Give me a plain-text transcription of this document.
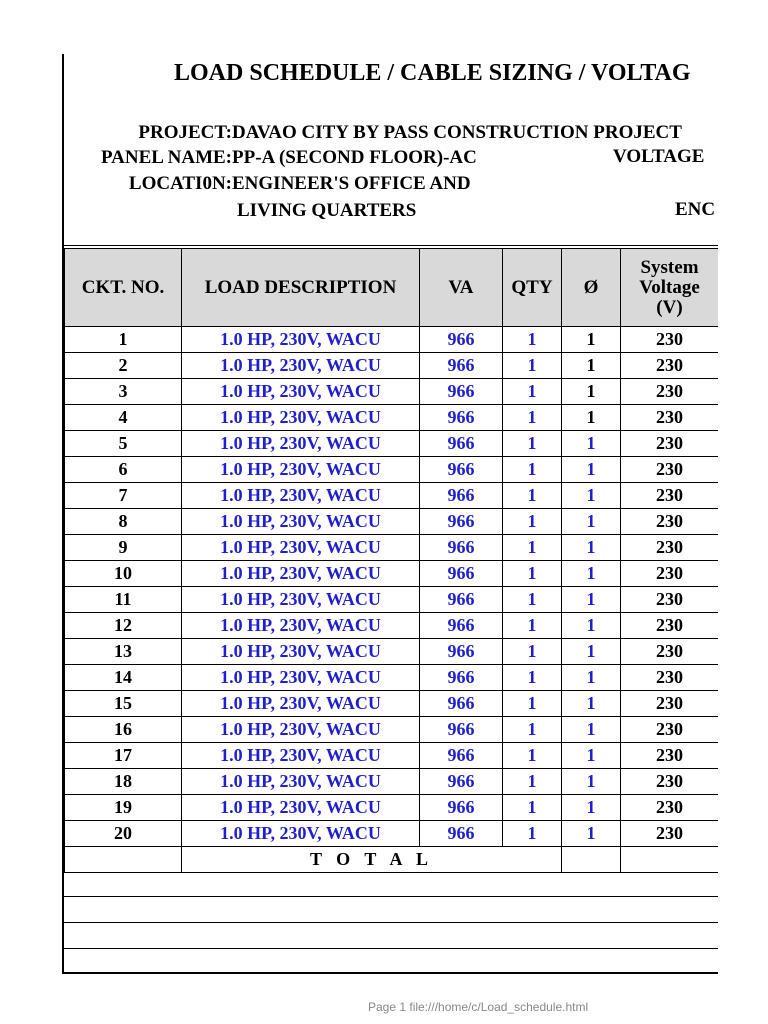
LOAD SCHEDULE / CABLE SIZING / VOLTAG
PROJECT:DAVAO CITY BY PASS CONSTRUCTION PROJECT
PANEL NAME:PP-A (SECOND FLOOR)-AC	VOLTAGE
LOCATI0N:ENGINEER'S OFFICE AND
LIVING QUARTERS	ENC
CKT. NO.	LOAD DESCRIPTION	VA	QTY	Ø	System
Voltage
(V)

1	1.0 HP, 230V, WACU	966	1	1	230
2	1.0 HP, 230V, WACU	966	1	1	230
3	1.0 HP, 230V, WACU	966	1	1	230
4	1.0 HP, 230V, WACU	966	1	1	230
5	1.0 HP, 230V, WACU	966	1	1	230
6	1.0 HP, 230V, WACU	966	1	1	230
7	1.0 HP, 230V, WACU	966	1	1	230
8	1.0 HP, 230V, WACU	966	1	1	230
9	1.0 HP, 230V, WACU	966	1	1	230
10	1.0 HP, 230V, WACU	966	1	1	230
11	1.0 HP, 230V, WACU	966	1	1	230
12	1.0 HP, 230V, WACU	966	1	1	230
13	1.0 HP, 230V, WACU	966	1	1	230
14	1.0 HP, 230V, WACU	966	1	1	230
15	1.0 HP, 230V, WACU	966	1	1	230
16	1.0 HP, 230V, WACU	966	1	1	230
17	1.0 HP, 230V, WACU	966	1	1	230
18	1.0 HP, 230V, WACU	966	1	1	230
19	1.0 HP, 230V, WACU	966	1	1	230
20	1.0 HP, 230V, WACU	966	1	1	230
	T O T A L				
Page 1 file:///home/c/Load_schedule.html
